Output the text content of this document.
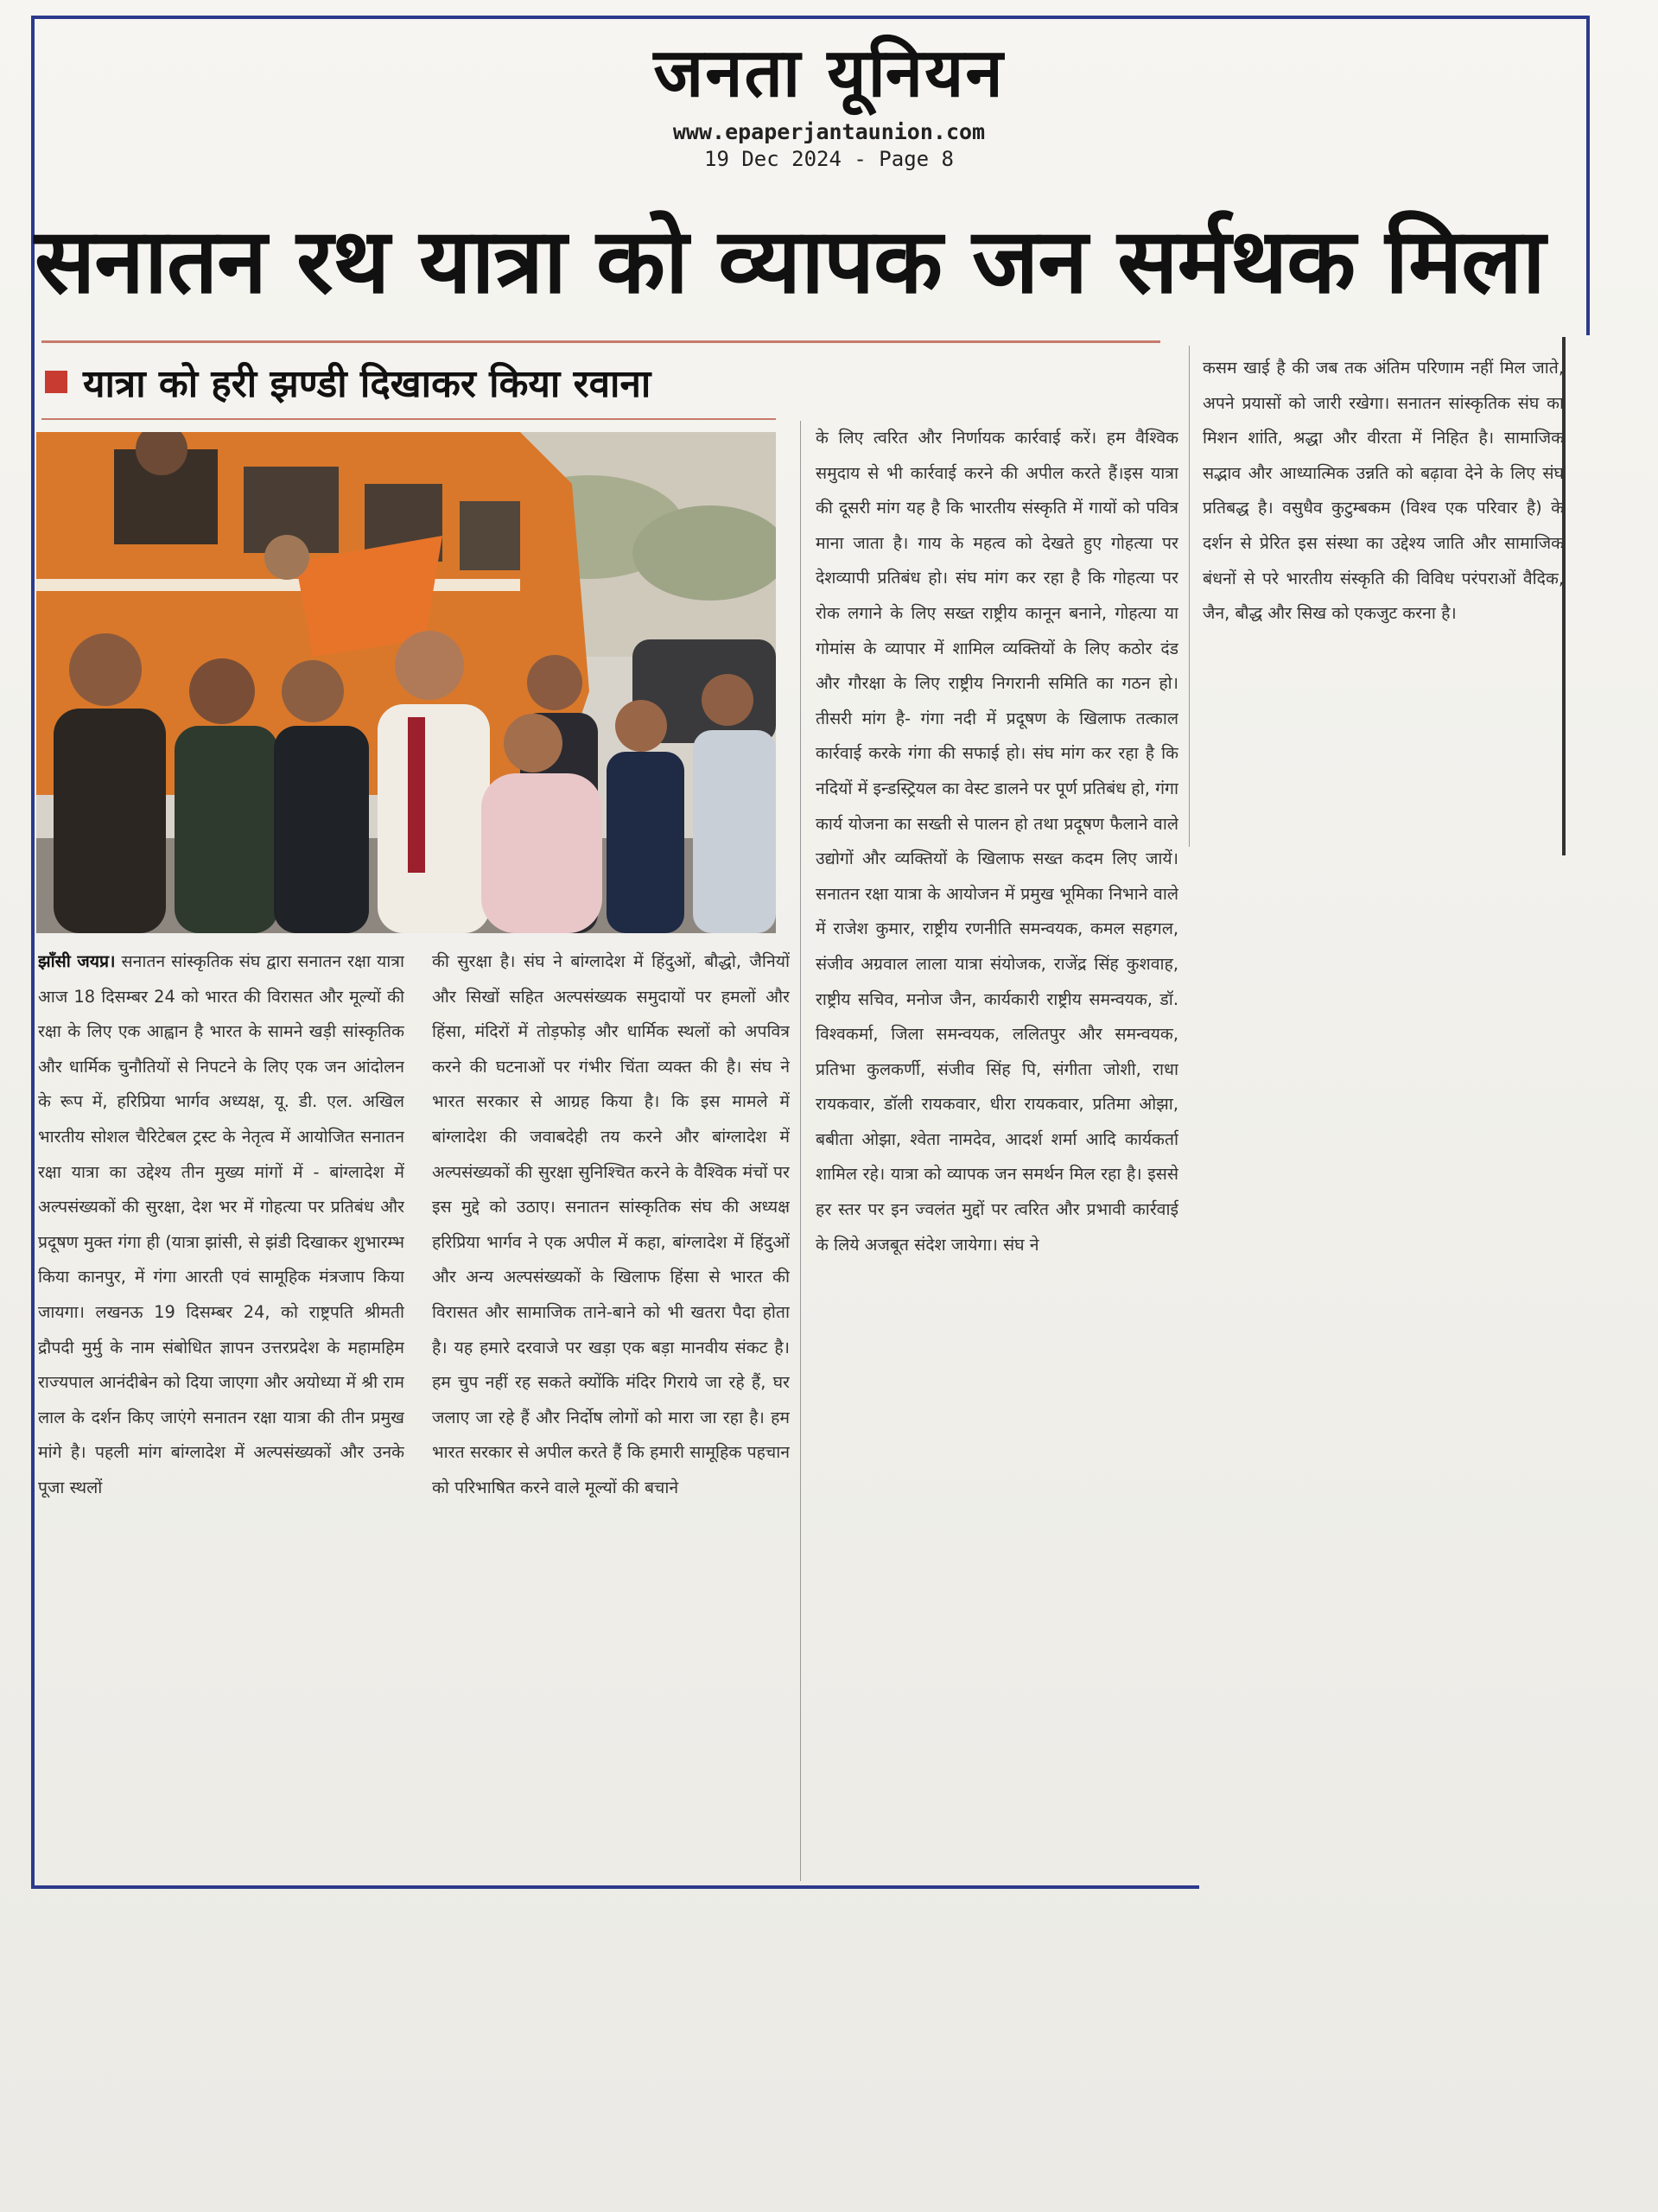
जनता यूनियन
www.epaperjantaunion.com
19 Dec 2024 - Page 8
सनातन रथ यात्रा को व्यापक जन सर्मथक मिला
यात्रा को हरी झण्डी दिखाकर किया रवाना

झाँसी जयप्र। सनातन सांस्कृतिक संघ द्वारा सनातन रक्षा यात्रा आज 18 दिसम्बर 24 को भारत की विरासत और मूल्यों की रक्षा के लिए एक आह्वान है भारत के सामने खड़ी सांस्कृतिक और धार्मिक चुनौतियों से निपटने के लिए एक जन आंदोलन के रूप में, हरिप्रिया भार्गव अध्यक्ष, यू. डी. एल. अखिल भारतीय सोशल चैरिटेबल ट्रस्ट के नेतृत्व में आयोजित सनातन रक्षा यात्रा का उद्देश्य तीन मुख्य मांगों में - बांग्लादेश में अल्पसंख्यकों की सुरक्षा, देश भर में गोहत्या पर प्रतिबंध और प्रदूषण मुक्त गंगा ही (यात्रा झांसी, से झंडी दिखाकर शुभारम्भ किया कानपुर, में गंगा आरती एवं सामूहिक मंत्रजाप किया जायगा। लखनऊ 19 दिसम्बर 24, को राष्ट्रपति श्रीमती द्रौपदी मुर्मु के नाम संबोधित ज्ञापन उत्तरप्रदेश के महामहिम राज्यपाल आनंदीबेन को दिया जाएगा और अयोध्या में श्री राम लाल के दर्शन किए जाएंगे सनातन रक्षा यात्रा की तीन प्रमुख मांगे है। पहली मांग बांग्लादेश में अल्पसंख्यकों और उनके पूजा स्थलों

की सुरक्षा है। संघ ने बांग्लादेश में हिंदुओं, बौद्धो, जैनियों और सिखों सहित अल्पसंख्यक समुदायों पर हमलों और हिंसा, मंदिरों में तोड़फोड़ और धार्मिक स्थलों को अपवित्र करने की घटनाओं पर गंभीर चिंता व्यक्त की है। संघ ने भारत सरकार से आग्रह किया है। कि इस मामले में बांग्लादेश की जवाबदेही तय करने और बांग्लादेश में अल्पसंख्यकों की सुरक्षा सुनिश्चित करने के वैश्विक मंचों पर इस मुद्दे को उठाए। सनातन सांस्कृतिक संघ की अध्यक्ष हरिप्रिया भार्गव ने एक अपील में कहा, बांग्लादेश में हिंदुओं और अन्य अल्पसंख्यकों के खिलाफ हिंसा से भारत की विरासत और सामाजिक ताने-बाने को भी खतरा पैदा होता है। यह हमारे दरवाजे पर खड़ा एक बड़ा मानवीय संकट है। हम चुप नहीं रह सकते क्योंकि मंदिर गिराये जा रहे हैं, घर जलाए जा रहे हैं और निर्दोष लोगों को मारा जा रहा है। हम भारत सरकार से अपील करते हैं कि हमारी सामूहिक पहचान को परिभाषित करने वाले मूल्यों की बचाने

के लिए त्वरित और निर्णायक कार्रवाई करें। हम वैश्विक समुदाय से भी कार्रवाई करने की अपील करते हैं।इस यात्रा की दूसरी मांग यह है कि भारतीय संस्कृति में गायों को पवित्र माना जाता है। गाय के महत्व को देखते हुए गोहत्या पर देशव्यापी प्रतिबंध हो। संघ मांग कर रहा है कि गोहत्या पर रोक लगाने के लिए सख्त राष्ट्रीय कानून बनाने, गोहत्या या गोमांस के व्यापार में शामिल व्यक्तियों के लिए कठोर दंड और गौरक्षा के लिए राष्ट्रीय निगरानी समिति का गठन हो। तीसरी मांग है- गंगा नदी में प्रदूषण के खिलाफ तत्काल कार्रवाई करके गंगा की सफाई हो। संघ मांग कर रहा है कि नदियों में इन्डस्ट्रियल का वेस्ट डालने पर पूर्ण प्रतिबंध हो, गंगा कार्य योजना का सख्ती से पालन हो तथा प्रदूषण फैलाने वाले उद्योगों और व्यक्तियों के खिलाफ सख्त कदम लिए जायें। सनातन रक्षा यात्रा के आयोजन में प्रमुख भूमिका निभाने वाले में राजेश कुमार, राष्ट्रीय रणनीति समन्वयक, कमल सहगल, संजीव अग्रवाल लाला यात्रा संयोजक, राजेंद्र सिंह कुशवाह, राष्ट्रीय सचिव, मनोज जैन, कार्यकारी राष्ट्रीय समन्वयक, डॉ. विश्वकर्मा, जिला समन्वयक, ललितपुर और समन्वयक, प्रतिभा कुलकर्णी, संजीव सिंह पि, संगीता जोशी, राधा रायकवार, डॉली रायकवार, धीरा रायकवार, प्रतिमा ओझा, बबीता ओझा, श्वेता नामदेव, आदर्श शर्मा आदि कार्यकर्ता शामिल रहे। यात्रा को व्यापक जन समर्थन मिल रहा है। इससे हर स्तर पर इन ज्वलंत मुद्दों पर त्वरित और प्रभावी कार्रवाई के लिये अजबूत संदेश जायेगा। संघ ने

कसम खाई है की जब तक अंतिम परिणाम नहीं मिल जाते, अपने प्रयासों को जारी रखेगा। सनातन सांस्कृतिक संघ का मिशन शांति, श्रद्धा और वीरता में निहित है। सामाजिक सद्भाव और आध्यात्मिक उन्नति को बढ़ावा देने के लिए संघ प्रतिबद्ध है। वसुधैव कुटुम्बकम (विश्व एक परिवार है) के दर्शन से प्रेरित इस संस्था का उद्देश्य जाति और सामाजिक बंधनों से परे भारतीय संस्कृति की विविध परंपराओं वैदिक, जैन, बौद्ध और सिख को एकजुट करना है।
